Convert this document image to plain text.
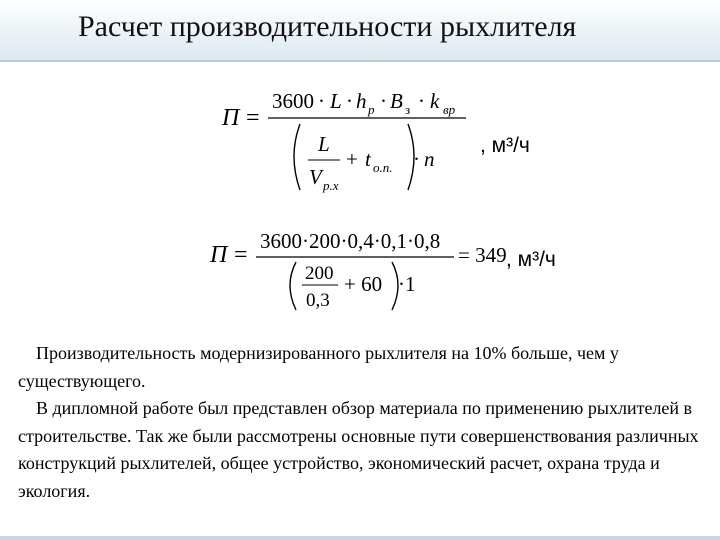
Расчет производительности рыхлителя
П =
3600 · L · h р · B з · k вр
L
V р.х
+ t о.п. · n
, м³/ч
П =
3600·200·0,4·0,1·0,8
200
0,3
+ 60 ·1
= 349 , м³/ч

Производительность модернизированного рыхлителя на 10% больше, чем у существующего.

В дипломной работе был представлен обзор материала по применению рыхлителей в строительстве. Так же были рассмотрены основные пути совершенствования различных конструкций рыхлителей, общее устройство, экономический расчет, охрана труда и экология.
